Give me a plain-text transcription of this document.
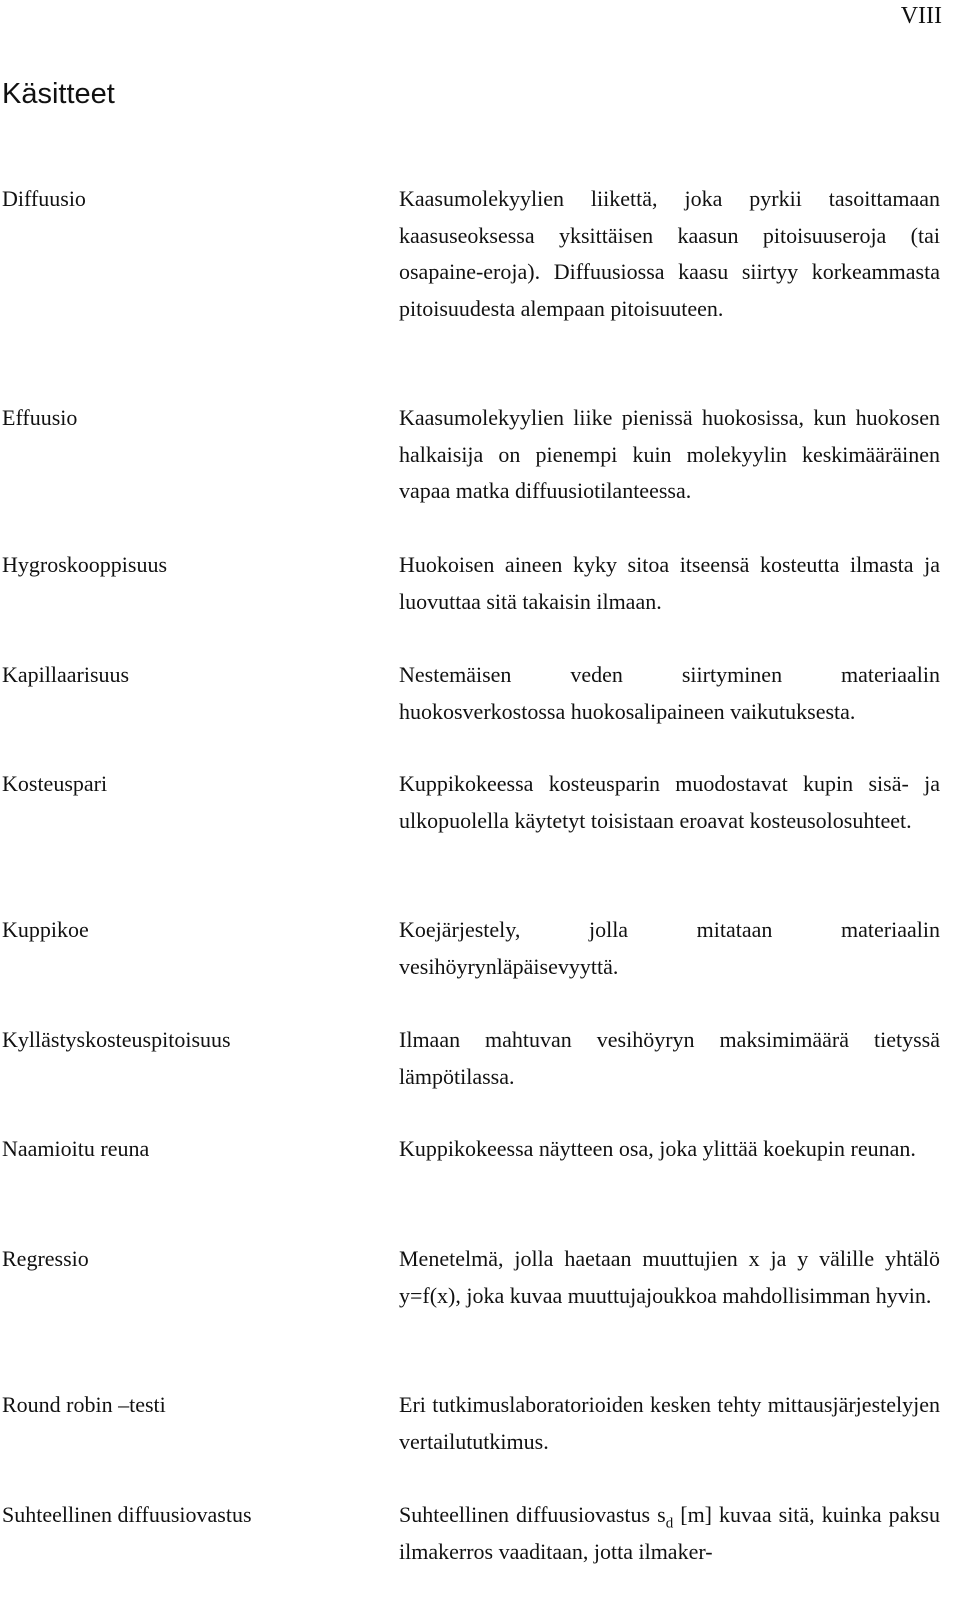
VIII
Käsitteet
Diffuusio	Kaasumolekyylien liikettä, joka pyrkii tasoittamaan kaasuseoksessa yksittäisen kaasun pitoisuuseroja (tai osapaine-eroja). Diffuusiossa kaasu siirtyy korkeammasta pitoisuudesta alempaan pitoisuuteen.

Effuusio	Kaasumolekyylien liike pienissä huokosissa, kun huokosen halkaisija on pienempi kuin molekyylin keskimääräinen vapaa matka diffuusiotilanteessa.

Hygroskooppisuus	Huokoisen aineen kyky sitoa itseensä kosteutta ilmasta ja luovuttaa sitä takaisin ilmaan.

Kapillaarisuus	Nestemäisen veden siirtyminen materiaalin huokosverkostossa huokosalipaineen vaikutuksesta.

Kosteuspari	Kuppikokeessa kosteusparin muodostavat kupin sisä- ja ulkopuolella käytetyt toisistaan eroavat kosteusolosuhteet.

Kuppikoe	Koejärjestely, jolla mitataan materiaalin vesihöyrynläpäisevyyttä.

Kyllästyskosteuspitoisuus	Ilmaan mahtuvan vesihöyryn maksimimäärä tietyssä lämpötilassa.

Naamioitu reuna	Kuppikokeessa näytteen osa, joka ylittää koekupin reunan.

Regressio	Menetelmä, jolla haetaan muuttujien x ja y välille yhtälö y=f(x), joka kuvaa muuttujajoukkoa mahdollisimman hyvin.

Round robin –testi	Eri tutkimuslaboratorioiden kesken tehty mittausjärjestelyjen vertailututkimus.

Suhteellinen diffuusiovastus	Suhteellinen diffuusiovastus $s_d$ [m] kuvaa sitä, kuinka paksu ilmakerros vaaditaan, jotta ilmaker-
